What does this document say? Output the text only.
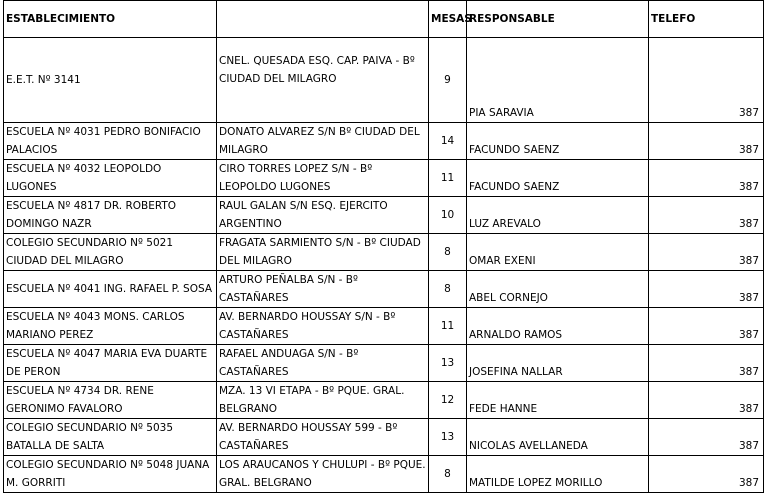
ESTABLECIMIENTO		MESAS	RESPONSABLE	TELEFO
E.E.T. Nº 3141	CNEL. QUESADA ESQ. CAP. PAIVA - Bº CIUDAD DEL MILAGRO	9	PIA SARAVIA	387
ESCUELA Nº 4031 PEDRO BONIFACIO PALACIOS	DONATO ALVAREZ S/N Bº CIUDAD DEL MILAGRO	14	FACUNDO SAENZ	387
ESCUELA Nº 4032 LEOPOLDO LUGONES	CIRO TORRES LOPEZ S/N - Bº LEOPOLDO LUGONES	11	FACUNDO SAENZ	387
ESCUELA Nº 4817 DR. ROBERTO DOMINGO NAZR	RAUL GALAN S/N ESQ. EJERCITO ARGENTINO	10	LUZ AREVALO	387
COLEGIO SECUNDARIO Nº 5021 CIUDAD DEL MILAGRO	FRAGATA SARMIENTO S/N - Bº CIUDAD DEL MILAGRO	8	OMAR EXENI	387
ESCUELA Nº 4041 ING. RAFAEL P. SOSA	ARTURO PEÑALBA S/N - Bº CASTAÑARES	8	ABEL CORNEJO	387
ESCUELA Nº 4043 MONS. CARLOS MARIANO PEREZ	AV. BERNARDO HOUSSAY S/N - Bº CASTAÑARES	11	ARNALDO RAMOS	387
ESCUELA Nº 4047 MARIA EVA DUARTE DE PERON	RAFAEL ANDUAGA S/N - Bº CASTAÑARES	13	JOSEFINA NALLAR	387
ESCUELA Nº 4734 DR. RENE GERONIMO FAVALORO	MZA. 13 VI ETAPA - Bº PQUE. GRAL. BELGRANO	12	FEDE HANNE	387
COLEGIO SECUNDARIO Nº 5035 BATALLA DE SALTA	AV. BERNARDO HOUSSAY 599 - Bº CASTAÑARES	13	NICOLAS AVELLANEDA	387
COLEGIO SECUNDARIO Nº 5048 JUANA M. GORRITI	LOS ARAUCANOS Y CHULUPI - Bº PQUE. GRAL. BELGRANO	8	MATILDE LOPEZ MORILLO	387
